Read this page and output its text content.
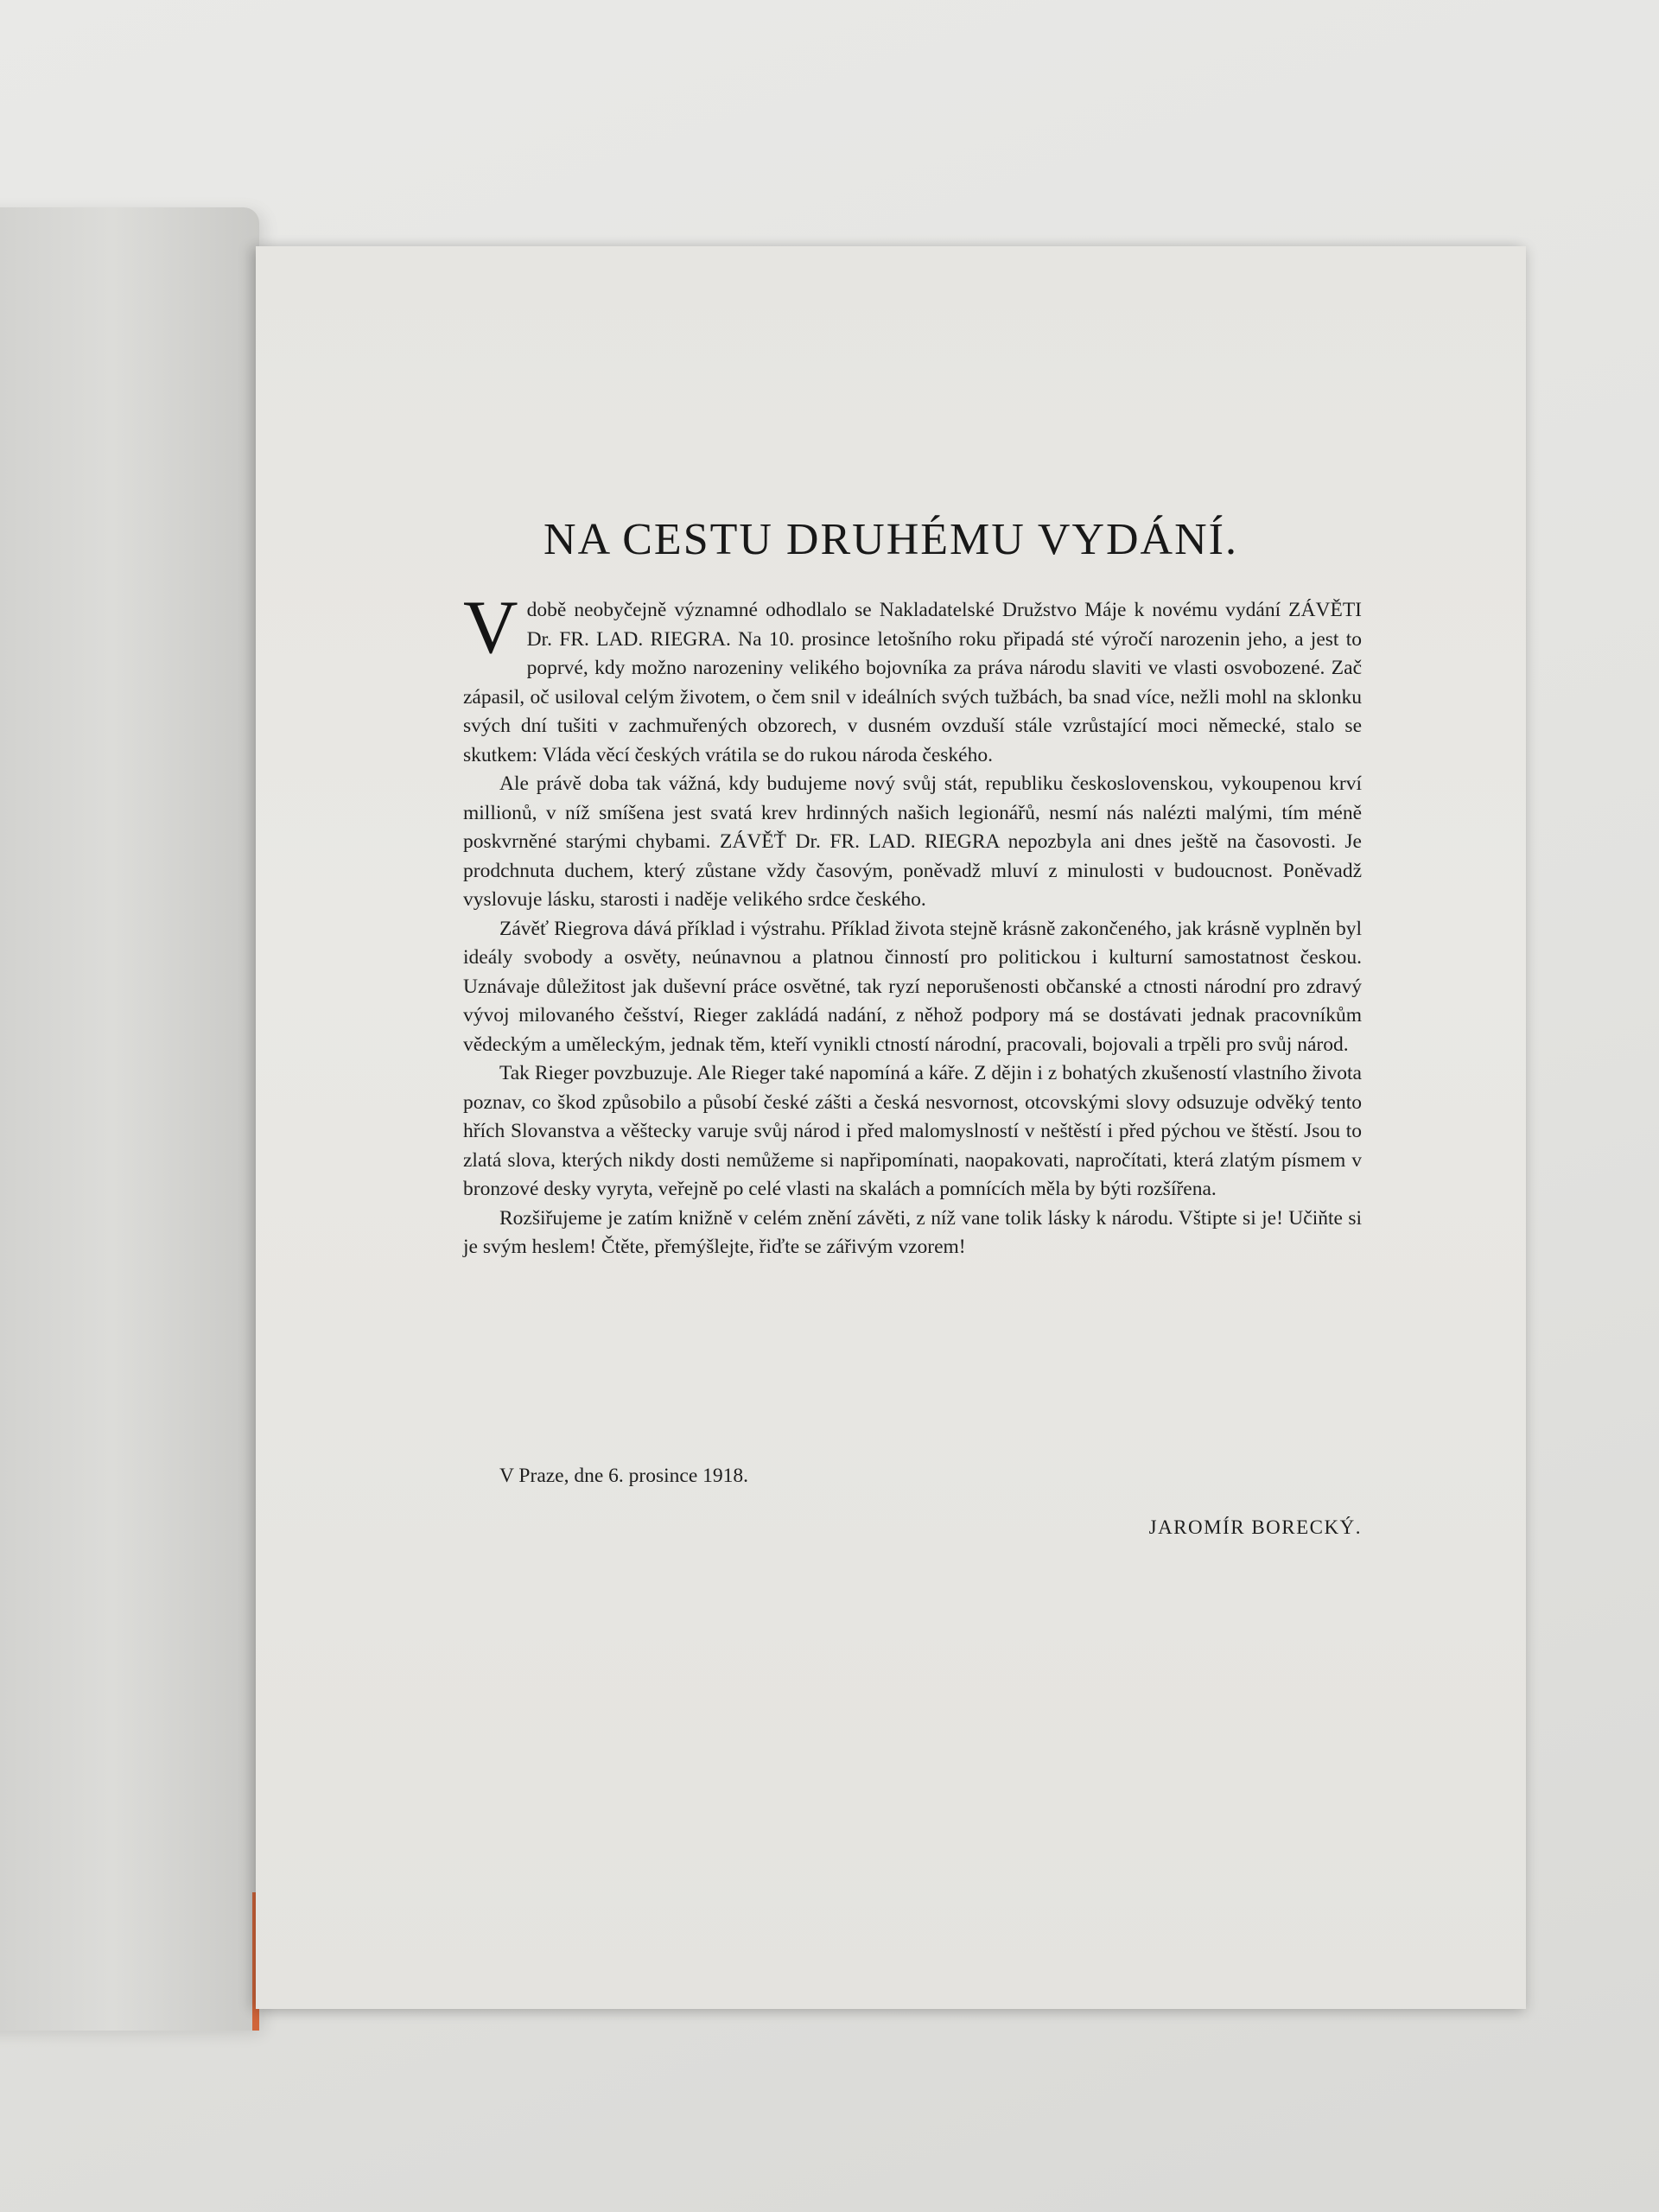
NA CESTU DRUHÉMU VYDÁNÍ.

V době neobyčejně významné odhodlalo se Nakladatelské Družstvo Máje k novému vydání ZÁVĚTI Dr. FR. LAD. RIEGRA. Na 10. prosince letošního roku připadá sté výročí narozenin jeho, a jest to poprvé, kdy možno narozeniny velikého bojovníka za práva národu slaviti ve vlasti osvobozené. Zač zápasil, oč usiloval celým životem, o čem snil v ideálních svých tužbách, ba snad více, nežli mohl na sklonku svých dní tušiti v zachmuřených obzorech, v dusném ovzduší stále vzrůstající moci německé, stalo se skutkem: Vláda věcí českých vrátila se do rukou národa českého.

Ale právě doba tak vážná, kdy budujeme nový svůj stát, republiku československou, vykoupenou krví millionů, v níž smíšena jest svatá krev hrdinných našich legionářů, nesmí nás nalézti malými, tím méně poskvrněné starými chybami. ZÁVĚŤ Dr. FR. LAD. RIEGRA nepozbyla ani dnes ještě na časovosti. Je prodchnuta duchem, který zůstane vždy časovým, poněvadž mluví z minulosti v budoucnost. Poněvadž vyslovuje lásku, starosti i naděje velikého srdce českého.

Závěť Riegrova dává příklad i výstrahu. Příklad života stejně krásně zakončeného, jak krásně vyplněn byl ideály svobody a osvěty, neúnavnou a platnou činností pro politickou i kulturní samostatnost českou. Uznávaje důležitost jak duševní práce osvětné, tak ryzí neporušenosti občanské a ctnosti národní pro zdravý vývoj milovaného češství, Rieger zakládá nadání, z něhož podpory má se dostávati jednak pracovníkům vědeckým a uměleckým, jednak těm, kteří vynikli ctností národní, pracovali, bojovali a trpěli pro svůj národ.

Tak Rieger povzbuzuje. Ale Rieger také napomíná a káře. Z dějin i z bohatých zkušeností vlastního života poznav, co škod způsobilo a působí české zášti a česká nesvornost, otcovskými slovy odsuzuje odvěký tento hřích Slovanstva a věštecky varuje svůj národ i před malomyslností v neštěstí i před pýchou ve štěstí. Jsou to zlatá slova, kterých nikdy dosti nemůžeme si napřipomínati, naopakovati, napročítati, která zlatým písmem v bronzové desky vyryta, veřejně po celé vlasti na skalách a pomnících měla by býti rozšířena.

Rozšiřujeme je zatím knižně v celém znění závěti, z níž vane tolik lásky k národu. Vštipte si je! Učiňte si je svým heslem! Čtěte, přemýšlejte, řiďte se zářivým vzorem!

V Praze, dne 6. prosince 1918.
JAROMÍR BORECKÝ.
